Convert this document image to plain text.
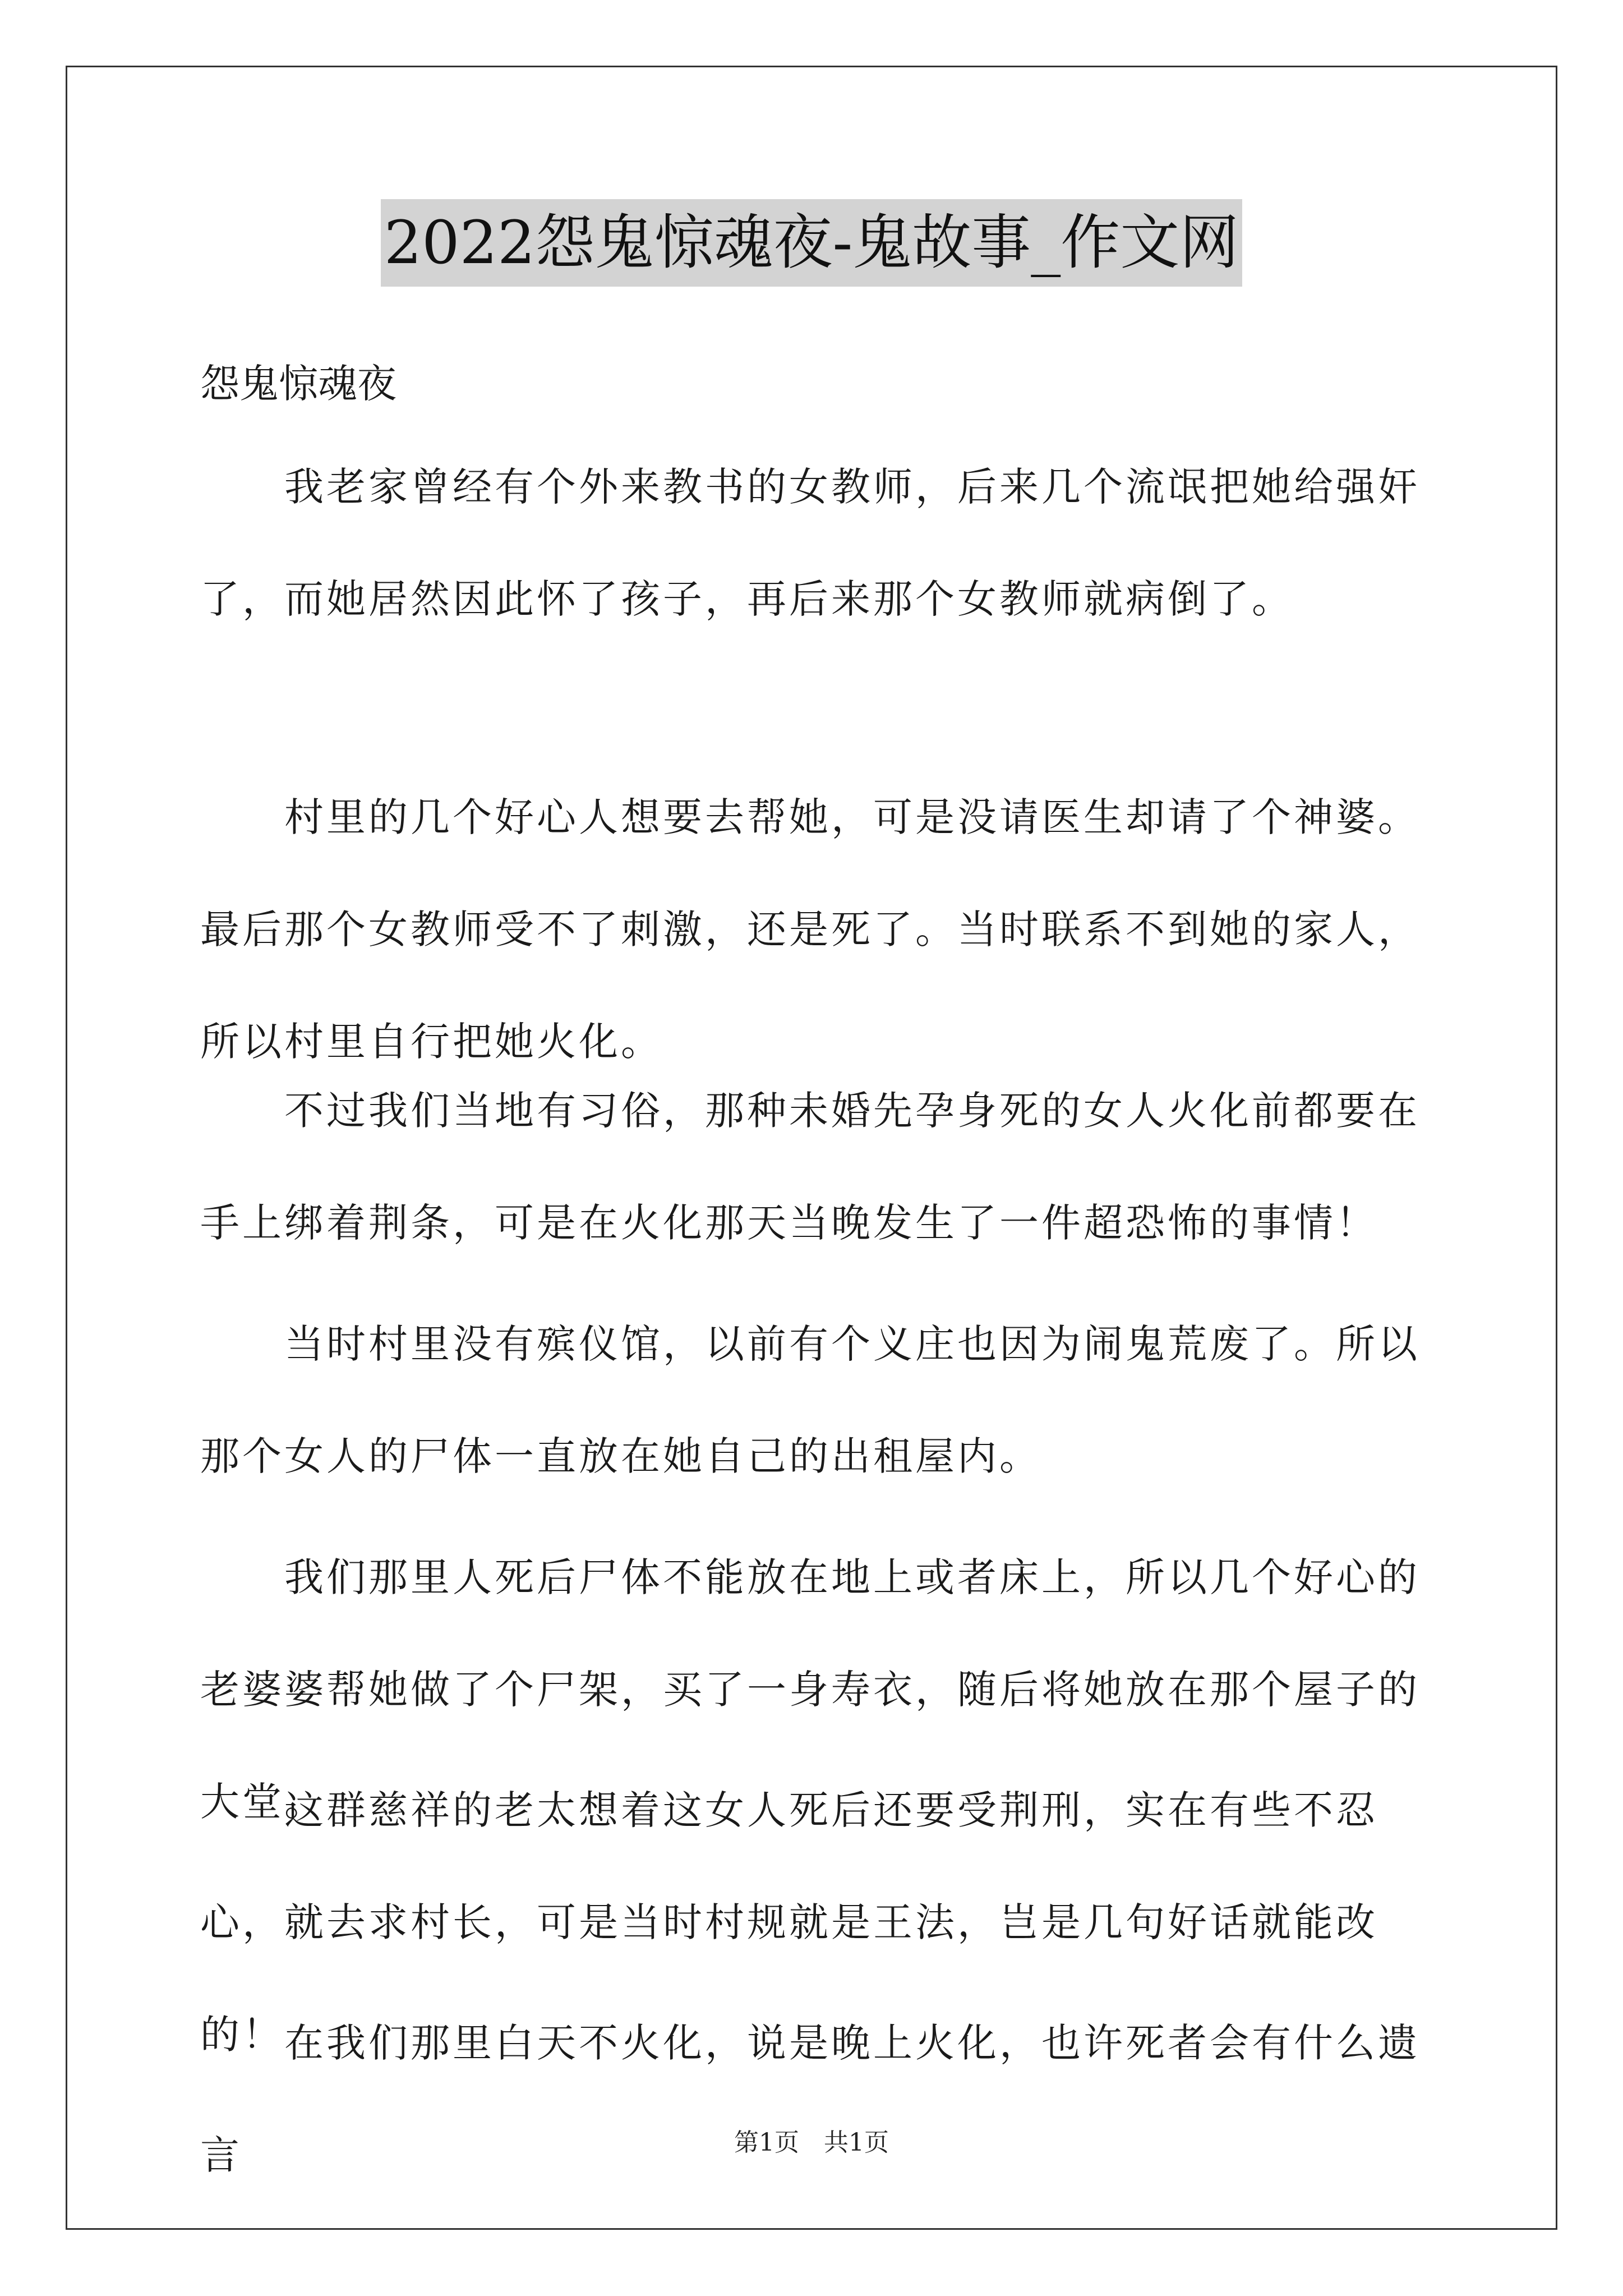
2022怨鬼惊魂夜-鬼故事_作文网
怨鬼惊魂夜

我老家曾经有个外来教书的女教师，后来几个流氓把她给强奸了，而她居然因此怀了孩子，再后来那个女教师就病倒了。

村里的几个好心人想要去帮她，可是没请医生却请了个神婆。最后那个女教师受不了刺激，还是死了。当时联系不到她的家人，所以村里自行把她火化。

不过我们当地有习俗，那种未婚先孕身死的女人火化前都要在手上绑着荆条，可是在火化那天当晚发生了一件超恐怖的事情！

当时村里没有殡仪馆，以前有个义庄也因为闹鬼荒废了。所以那个女人的尸体一直放在她自己的出租屋内。

我们那里人死后尸体不能放在地上或者床上，所以几个好心的老婆婆帮她做了个尸架，买了一身寿衣，随后将她放在那个屋子的大堂。

这群慈祥的老太想着这女人死后还要受荆刑，实在有些不忍心，就去求村长，可是当时村规就是王法，岂是几句好话就能改的！ 在我们那里白天不火化，说是晚上火化，也许死者会有什么遗言	第1页　共1页
